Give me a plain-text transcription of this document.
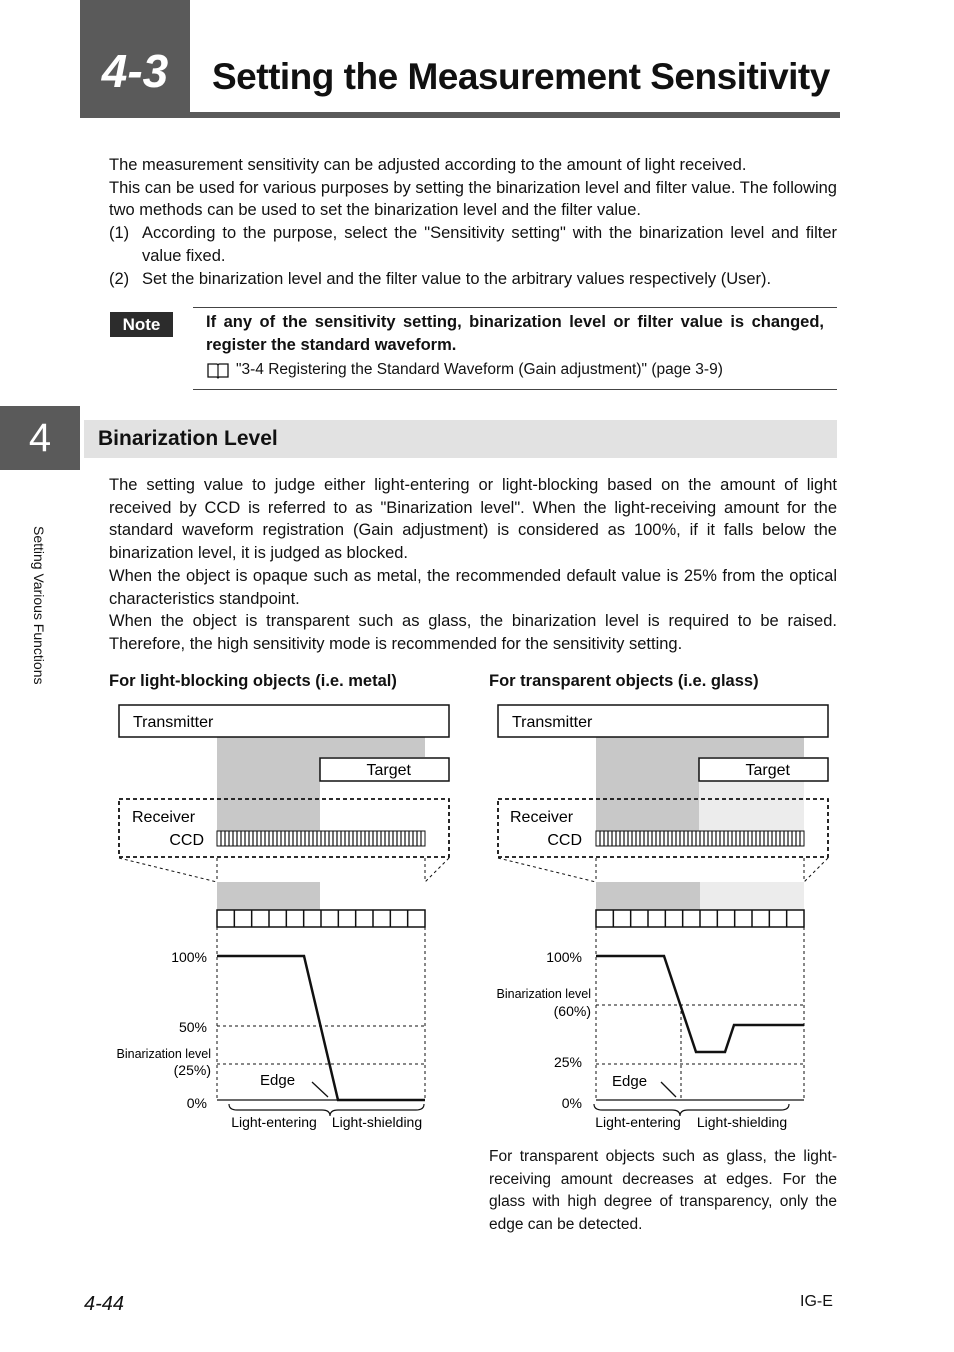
4-3	Setting the Measurement Sensitivity
4
Setting Various Functions
The measurement sensitivity can be adjusted according to the amount of light received.
This can be used for various purposes by setting the binarization level and filter value. The following two methods can be used to set the binarization level and the filter value.
(1) According to the purpose, select the "Sensitivity setting" with the binarization level and filter value fixed.
(2) Set the binarization level and the filter value to the arbitrary values respectively (User).
Note	If any of the sensitivity setting, binarization level or filter value is changed, register the standard waveform.
"3-4 Registering the Standard Waveform (Gain adjustment)" (page 3-9)
Binarization Level
The setting value to judge either light-entering or light-blocking based on the amount of light received by CCD is referred to as "Binarization level". When the light-receiving amount for the standard waveform registration (Gain adjustment) is considered as 100%, if it falls below the binarization level, it is judged as blocked.
When the object is opaque such as metal, the recommended default value is 25% from the optical characteristics standpoint.
When the object is transparent such as glass, the binarization level is required to be raised. Therefore, the high sensitivity mode is recommended for the sensitivity setting.
For light-blocking objects (i.e. metal)	For transparent objects (i.e. glass)
Transmitter
Target
Receiver
CCD
100%
50%
Binarization level
(25%)
0%
Edge
Light-entering Light-shielding
Transmitter
Target
Receiver
CCD
100%
Binarization level
(60%)
25%
0%
Edge
Light-entering Light-shielding
For transparent objects such as glass, the light-receiving amount decreases at edges. For the glass with high degree of transparency, only the edge can be detected.
4-44	IG-E
